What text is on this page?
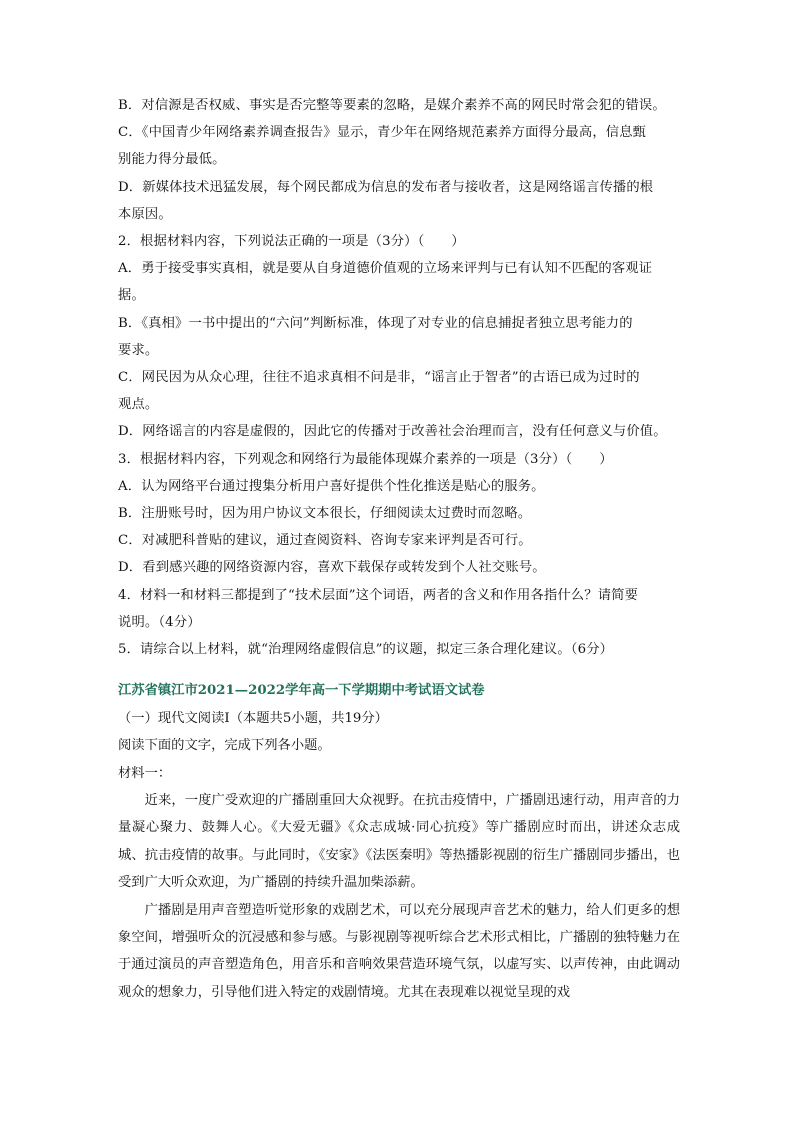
B．对信源是否权威、事实是否完整等要素的忽略，是媒介素养不高的网民时常会犯的错误。
C．《中国青少年网络素养调查报告》显示，青少年在网络规范素养方面得分最高，信息甄
别能力得分最低。
D．新媒体技术迅猛发展，每个网民都成为信息的发布者与接收者，这是网络谣言传播的根
本原因。
2．根据材料内容，下列说法正确的一项是（3分）（　　）
A．勇于接受事实真相，就是要从自身道德价值观的立场来评判与已有认知不匹配的客观证
据。
B．《真相》一书中提出的“六问”判断标准，体现了对专业的信息捕捉者独立思考能力的
要求。
C．网民因为从众心理，往往不追求真相不问是非，“谣言止于智者”的古语已成为过时的
观点。
D．网络谣言的内容是虚假的，因此它的传播对于改善社会治理而言，没有任何意义与价值。
3．根据材料内容，下列观念和网络行为最能体现媒介素养的一项是（3分）（　　）
A．认为网络平台通过搜集分析用户喜好提供个性化推送是贴心的服务。
B．注册账号时，因为用户协议文本很长，仔细阅读太过费时而忽略。
C．对减肥科普贴的建议，通过查阅资料、咨询专家来评判是否可行。
D．看到感兴趣的网络资源内容，喜欢下载保存或转发到个人社交账号。
4．材料一和材料三都提到了“技术层面”这个词语，两者的含义和作用各指什么？请简要
说明。（4分）
5．请综合以上材料，就“治理网络虚假信息”的议题，拟定三条合理化建议。（6分）
江苏省镇江市2021—2022学年高一下学期期中考试语文试卷
（一）现代文阅读Ⅰ（本题共5小题，共19分）
阅读下面的文字，完成下列各小题。
材料一：
近来，一度广受欢迎的广播剧重回大众视野。在抗击疫情中，广播剧迅速行动，用声音的力量凝心聚力、鼓舞人心。《大爱无疆》《众志成城·同心抗疫》等广播剧应时而出，讲述众志成城、抗击疫情的故事。与此同时，《安家》《法医秦明》等热播影视剧的衍生广播剧同步播出，也受到广大听众欢迎，为广播剧的持续升温加柴添薪。
广播剧是用声音塑造听觉形象的戏剧艺术，可以充分展现声音艺术的魅力，给人们更多的想象空间，增强听众的沉浸感和参与感。与影视剧等视听综合艺术形式相比，广播剧的独特魅力在于通过演员的声音塑造角色，用音乐和音响效果营造环境气氛，以虚写实、以声传神，由此调动观众的想象力，引导他们进入特定的戏剧情境。尤其在表现难以视觉呈现的戏
